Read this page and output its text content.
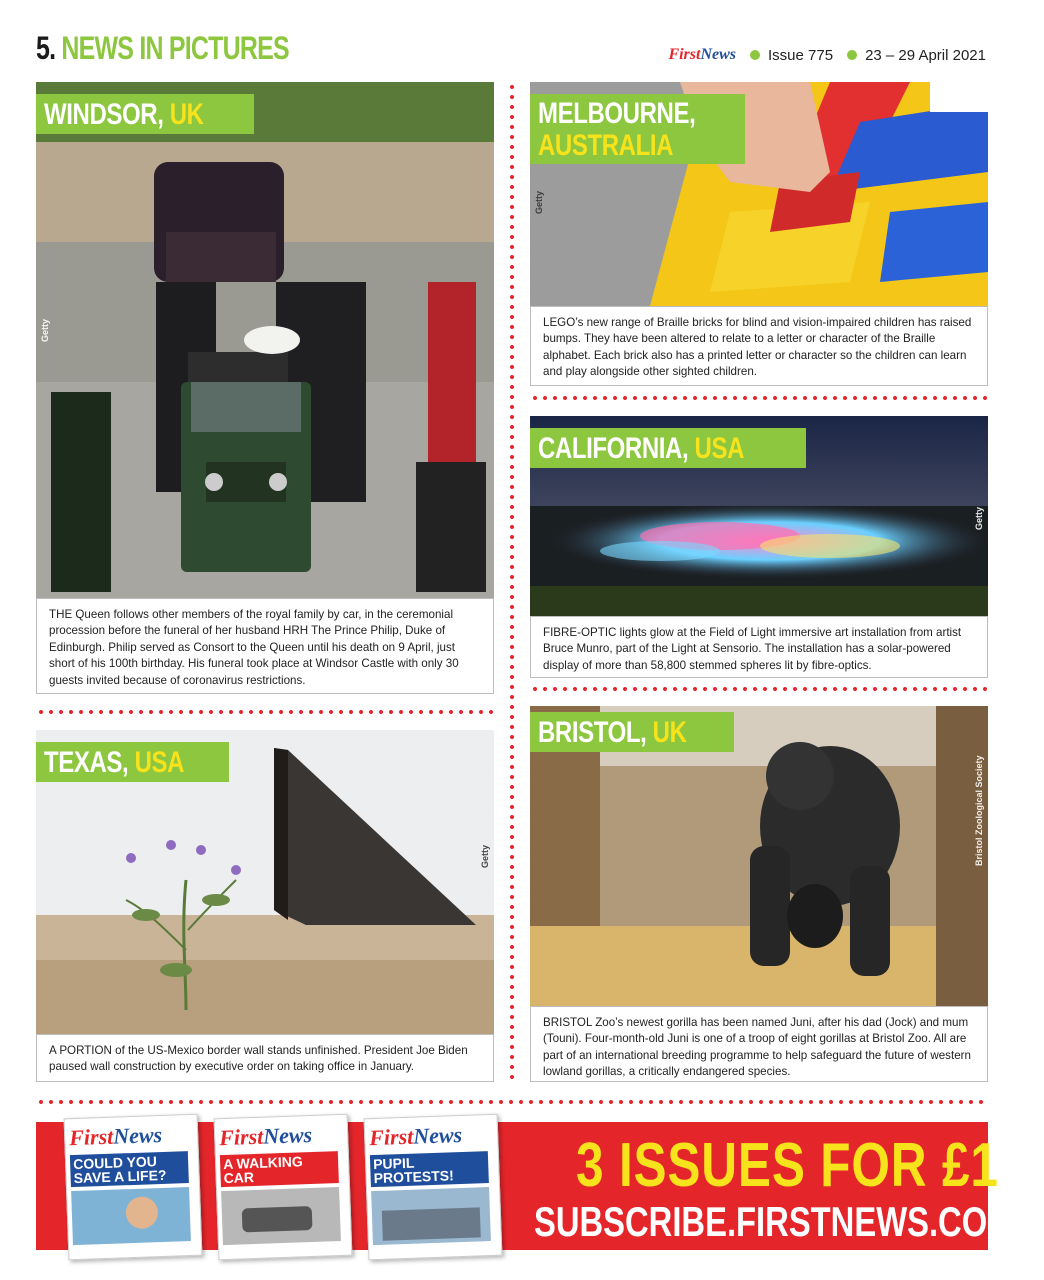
5. NEWS IN PICTURES	FirstNews Issue 775 23 – 29 April 2021
WINDSOR, UK
Getty
THE Queen follows other members of the royal family by car, in the ceremonial procession before the funeral of her husband HRH The Prince Philip, Duke of Edinburgh. Philip served as Consort to the Queen until his death on 9 April, just short of his 100th birthday. His funeral took place at Windsor Castle with only 30 guests invited because of coronavirus restrictions.
MELBOURNE,
AUSTRALIA
Getty
LEGO’s new range of Braille bricks for blind and vision-impaired children has raised bumps. They have been altered to relate to a letter or character of the Braille alphabet. Each brick also has a printed letter or character so the children can learn and play alongside other sighted children.
CALIFORNIA, USA
Getty
FIBRE-OPTIC lights glow at the Field of Light immersive art installation from artist Bruce Munro, part of the Light at Sensorio. The installation has a solar-powered display of more than 58,800 stemmed spheres lit by fibre-optics.
TEXAS, USA
Getty
A PORTION of the US-Mexico border wall stands unfinished. President Joe Biden paused wall construction by executive order on taking office in January.
BRISTOL, UK
Bristol Zoological Society
BRISTOL Zoo’s newest gorilla has been named Juni, after his dad (Jock) and mum (Touni). Four-month-old Juni is one of a troop of eight gorillas at Bristol Zoo. All are part of an international breeding programme to help safeguard the future of western lowland gorillas, a critically endangered species.
FirstNews
COULD YOU SAVE A LIFE?
FirstNews
A WALKING CAR
FirstNews
PUPIL PROTESTS!	3 ISSUES FOR £1
SUBSCRIBE.FIRSTNEWS.CO.UK
